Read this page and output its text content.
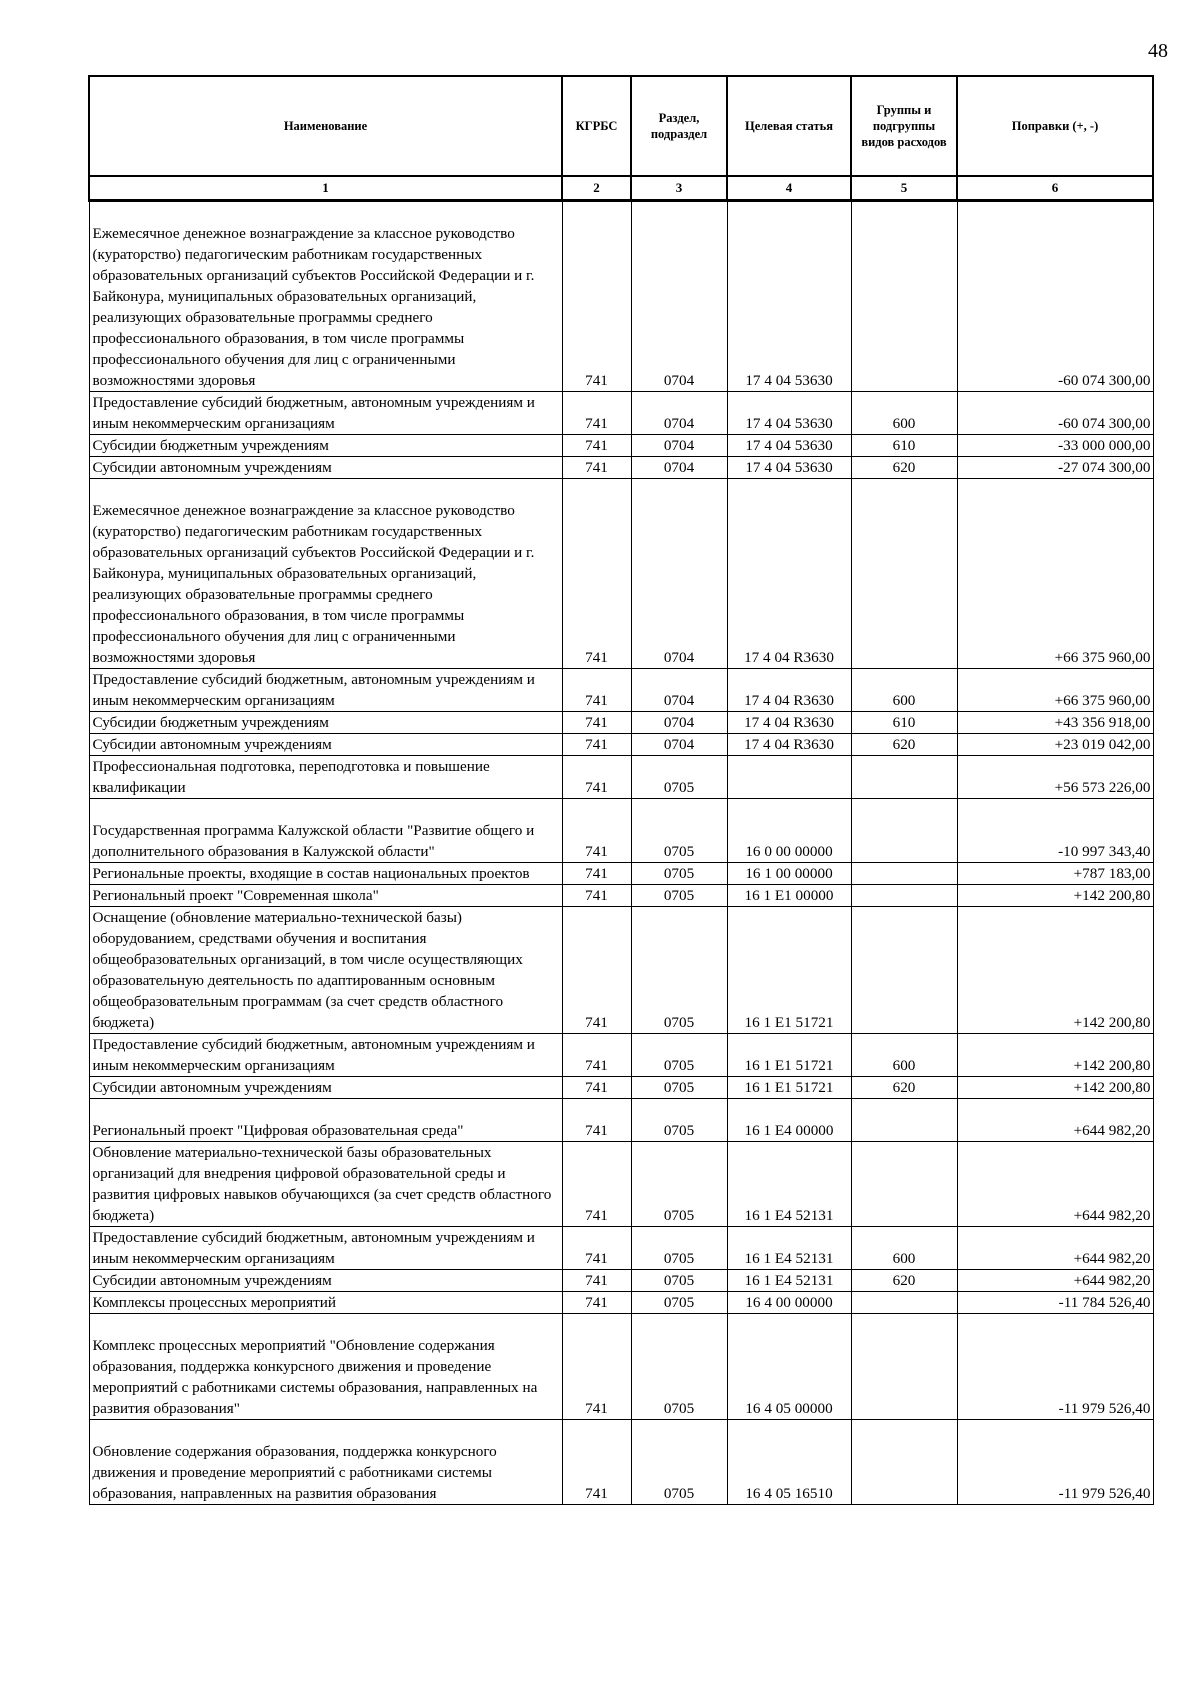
48
Наименование	КГРБС	Раздел, подраздел	Целевая статья	Группы и подгруппы видов расходов	Поправки (+, -)
1	2	3	4	5	6
Ежемесячное денежное вознаграждение за классное руководство (кураторство) педагогическим работникам государственных образовательных организаций субъектов Российской Федерации и г. Байконура, муниципальных образовательных организаций, реализующих образовательные программы среднего профессионального образования, в том числе программы профессионального обучения для лиц с ограниченными возможностями здоровья	741	0704	17 4 04 53630		-60 074 300,00
Предоставление субсидий бюджетным, автономным учреждениям и иным некоммерческим организациям	741	0704	17 4 04 53630	600	-60 074 300,00
Субсидии бюджетным учреждениям	741	0704	17 4 04 53630	610	-33 000 000,00
Субсидии автономным учреждениям	741	0704	17 4 04 53630	620	-27 074 300,00
Ежемесячное денежное вознаграждение за классное руководство (кураторство) педагогическим работникам государственных образовательных организаций субъектов Российской Федерации и г. Байконура, муниципальных образовательных организаций, реализующих образовательные программы среднего профессионального образования, в том числе программы профессионального обучения для лиц с ограниченными возможностями здоровья	741	0704	17 4 04 R3630		+66 375 960,00
Предоставление субсидий бюджетным, автономным учреждениям и иным некоммерческим организациям	741	0704	17 4 04 R3630	600	+66 375 960,00
Субсидии бюджетным учреждениям	741	0704	17 4 04 R3630	610	+43 356 918,00
Субсидии автономным учреждениям	741	0704	17 4 04 R3630	620	+23 019 042,00
Профессиональная подготовка, переподготовка и повышение квалификации	741	0705			+56 573 226,00
Государственная программа Калужской области "Развитие общего и дополнительного образования в Калужской области"	741	0705	16 0 00 00000		-10 997 343,40
Региональные проекты, входящие в состав национальных проектов	741	0705	16 1 00 00000		+787 183,00
Региональный проект "Современная школа"	741	0705	16 1 E1 00000		+142 200,80
Оснащение (обновление материально-технической базы) оборудованием, средствами обучения и воспитания общеобразовательных организаций, в том числе осуществляющих образовательную деятельность по адаптированным основным общеобразовательным программам (за счет средств областного бюджета)	741	0705	16 1 E1 51721		+142 200,80
Предоставление субсидий бюджетным, автономным учреждениям и иным некоммерческим организациям	741	0705	16 1 E1 51721	600	+142 200,80
Субсидии автономным учреждениям	741	0705	16 1 E1 51721	620	+142 200,80
Региональный проект "Цифровая образовательная среда"	741	0705	16 1 E4 00000		+644 982,20
Обновление материально-технической базы образовательных организаций для внедрения цифровой образовательной среды и развития цифровых навыков обучающихся (за счет средств областного бюджета)	741	0705	16 1 E4 52131		+644 982,20
Предоставление субсидий бюджетным, автономным учреждениям и иным некоммерческим организациям	741	0705	16 1 E4 52131	600	+644 982,20
Субсидии автономным учреждениям	741	0705	16 1 E4 52131	620	+644 982,20
Комплексы процессных мероприятий	741	0705	16 4 00 00000		-11 784 526,40
Комплекс процессных мероприятий "Обновление содержания образования, поддержка конкурсного движения и проведение мероприятий с работниками системы образования, направленных на развития образования"	741	0705	16 4 05 00000		-11 979 526,40
Обновление содержания образования, поддержка конкурсного движения и проведение мероприятий с работниками системы образования, направленных на развития образования	741	0705	16 4 05 16510		-11 979 526,40
